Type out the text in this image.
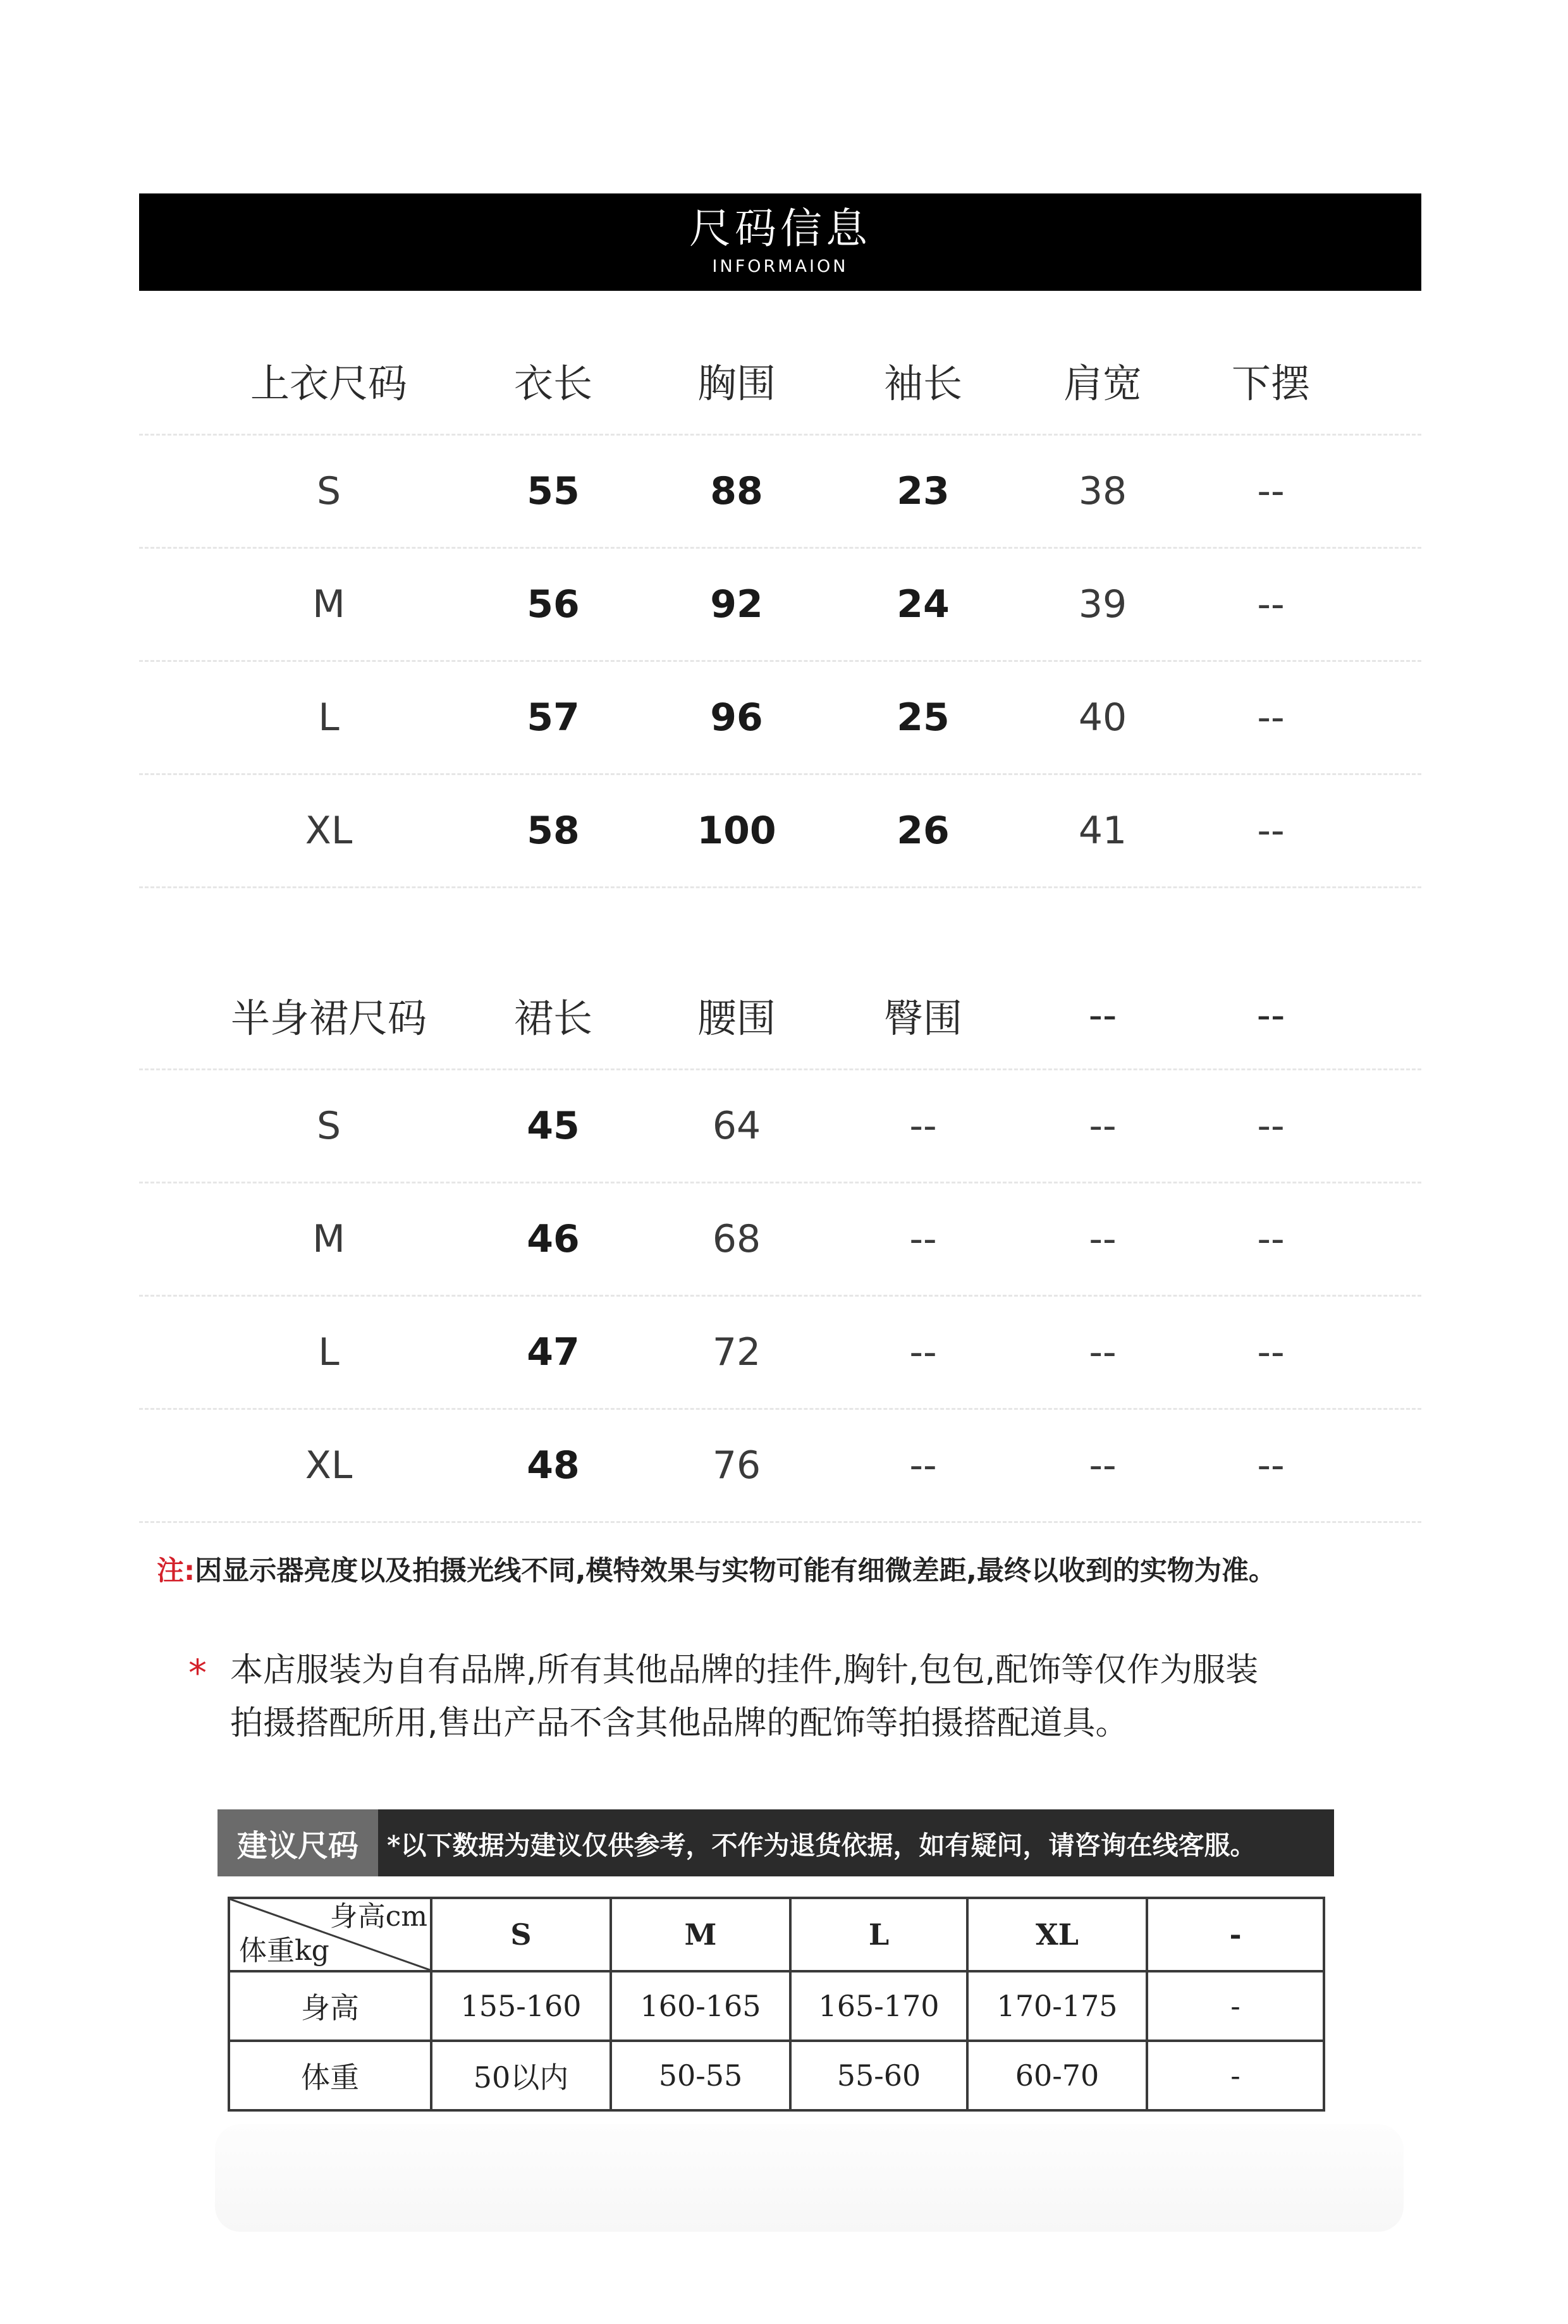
尺码信息
INFORMAION
上衣尺码	衣长	胸围	袖长	肩宽	下摆
S	55	88	23	38	--
M	56	92	24	39	--
L	57	96	25	40	--
XL	58	100	26	41	--
半身裙尺码	裙长	腰围	臀围	--	--
S	45	64	--	--	--
M	46	68	--	--	--
L	47	72	--	--	--
XL	48	76	--	--	--
注:因显示器亮度以及拍摄光线不同,模特效果与实物可能有细微差距,最终以收到的实物为准。
* 本店服装为自有品牌,所有其他品牌的挂件,胸针,包包,配饰等仅作为服装
拍摄搭配所用,售出产品不含其他品牌的配饰等拍摄搭配道具。
建议尺码	*以下数据为建议仅供参考，不作为退货依据，如有疑问，请咨询在线客服。
身高cm
体重kg	S	M	L	XL	-
身高	155-160	160-165	165-170	170-175	-
体重	50以内	50-55	55-60	60-70	-
